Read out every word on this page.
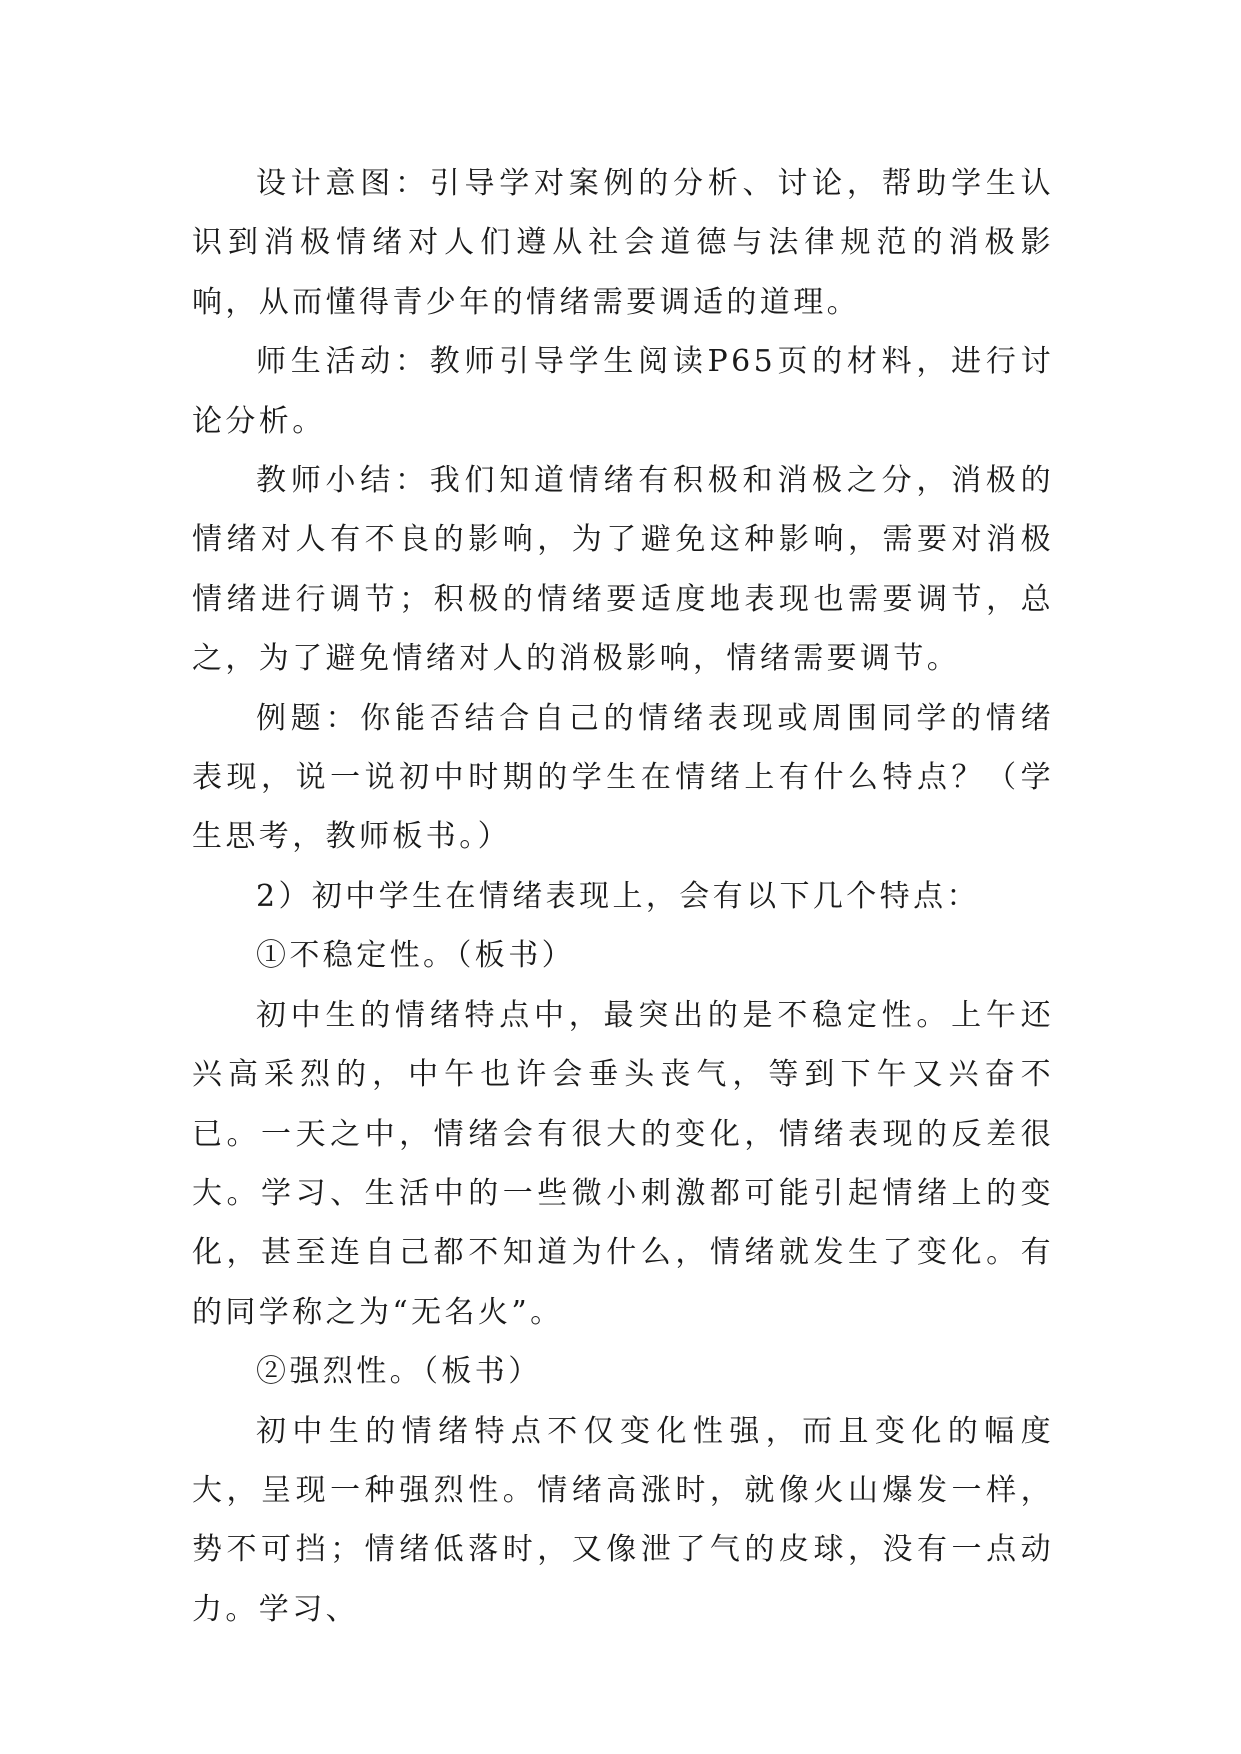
设计意图：引导学对案例的分析、讨论，帮助学生认识到消极情绪对人们遵从社会道德与法律规范的消极影响，从而懂得青少年的情绪需要调适的道理。

师生活动：教师引导学生阅读P65页的材料，进行讨论分析。

教师小结：我们知道情绪有积极和消极之分，消极的情绪对人有不良的影响，为了避免这种影响，需要对消极情绪进行调节；积极的情绪要适度地表现也需要调节，总之，为了避免情绪对人的消极影响，情绪需要调节。

例题：你能否结合自己的情绪表现或周围同学的情绪表现，说一说初中时期的学生在情绪上有什么特点？（学生思考，教师板书。）

2）初中学生在情绪表现上，会有以下几个特点：

①不稳定性。（板书）

初中生的情绪特点中，最突出的是不稳定性。上午还兴高采烈的，中午也许会垂头丧气，等到下午又兴奋不已。一天之中，情绪会有很大的变化，情绪表现的反差很大。学习、生活中的一些微小刺激都可能引起情绪上的变化，甚至连自己都不知道为什么，情绪就发生了变化。有的同学称之为“无名火”。

②强烈性。（板书）

初中生的情绪特点不仅变化性强，而且变化的幅度大，呈现一种强烈性。情绪高涨时，就像火山爆发一样，势不可挡；情绪低落时，又像泄了气的皮球，没有一点动力。学习、
